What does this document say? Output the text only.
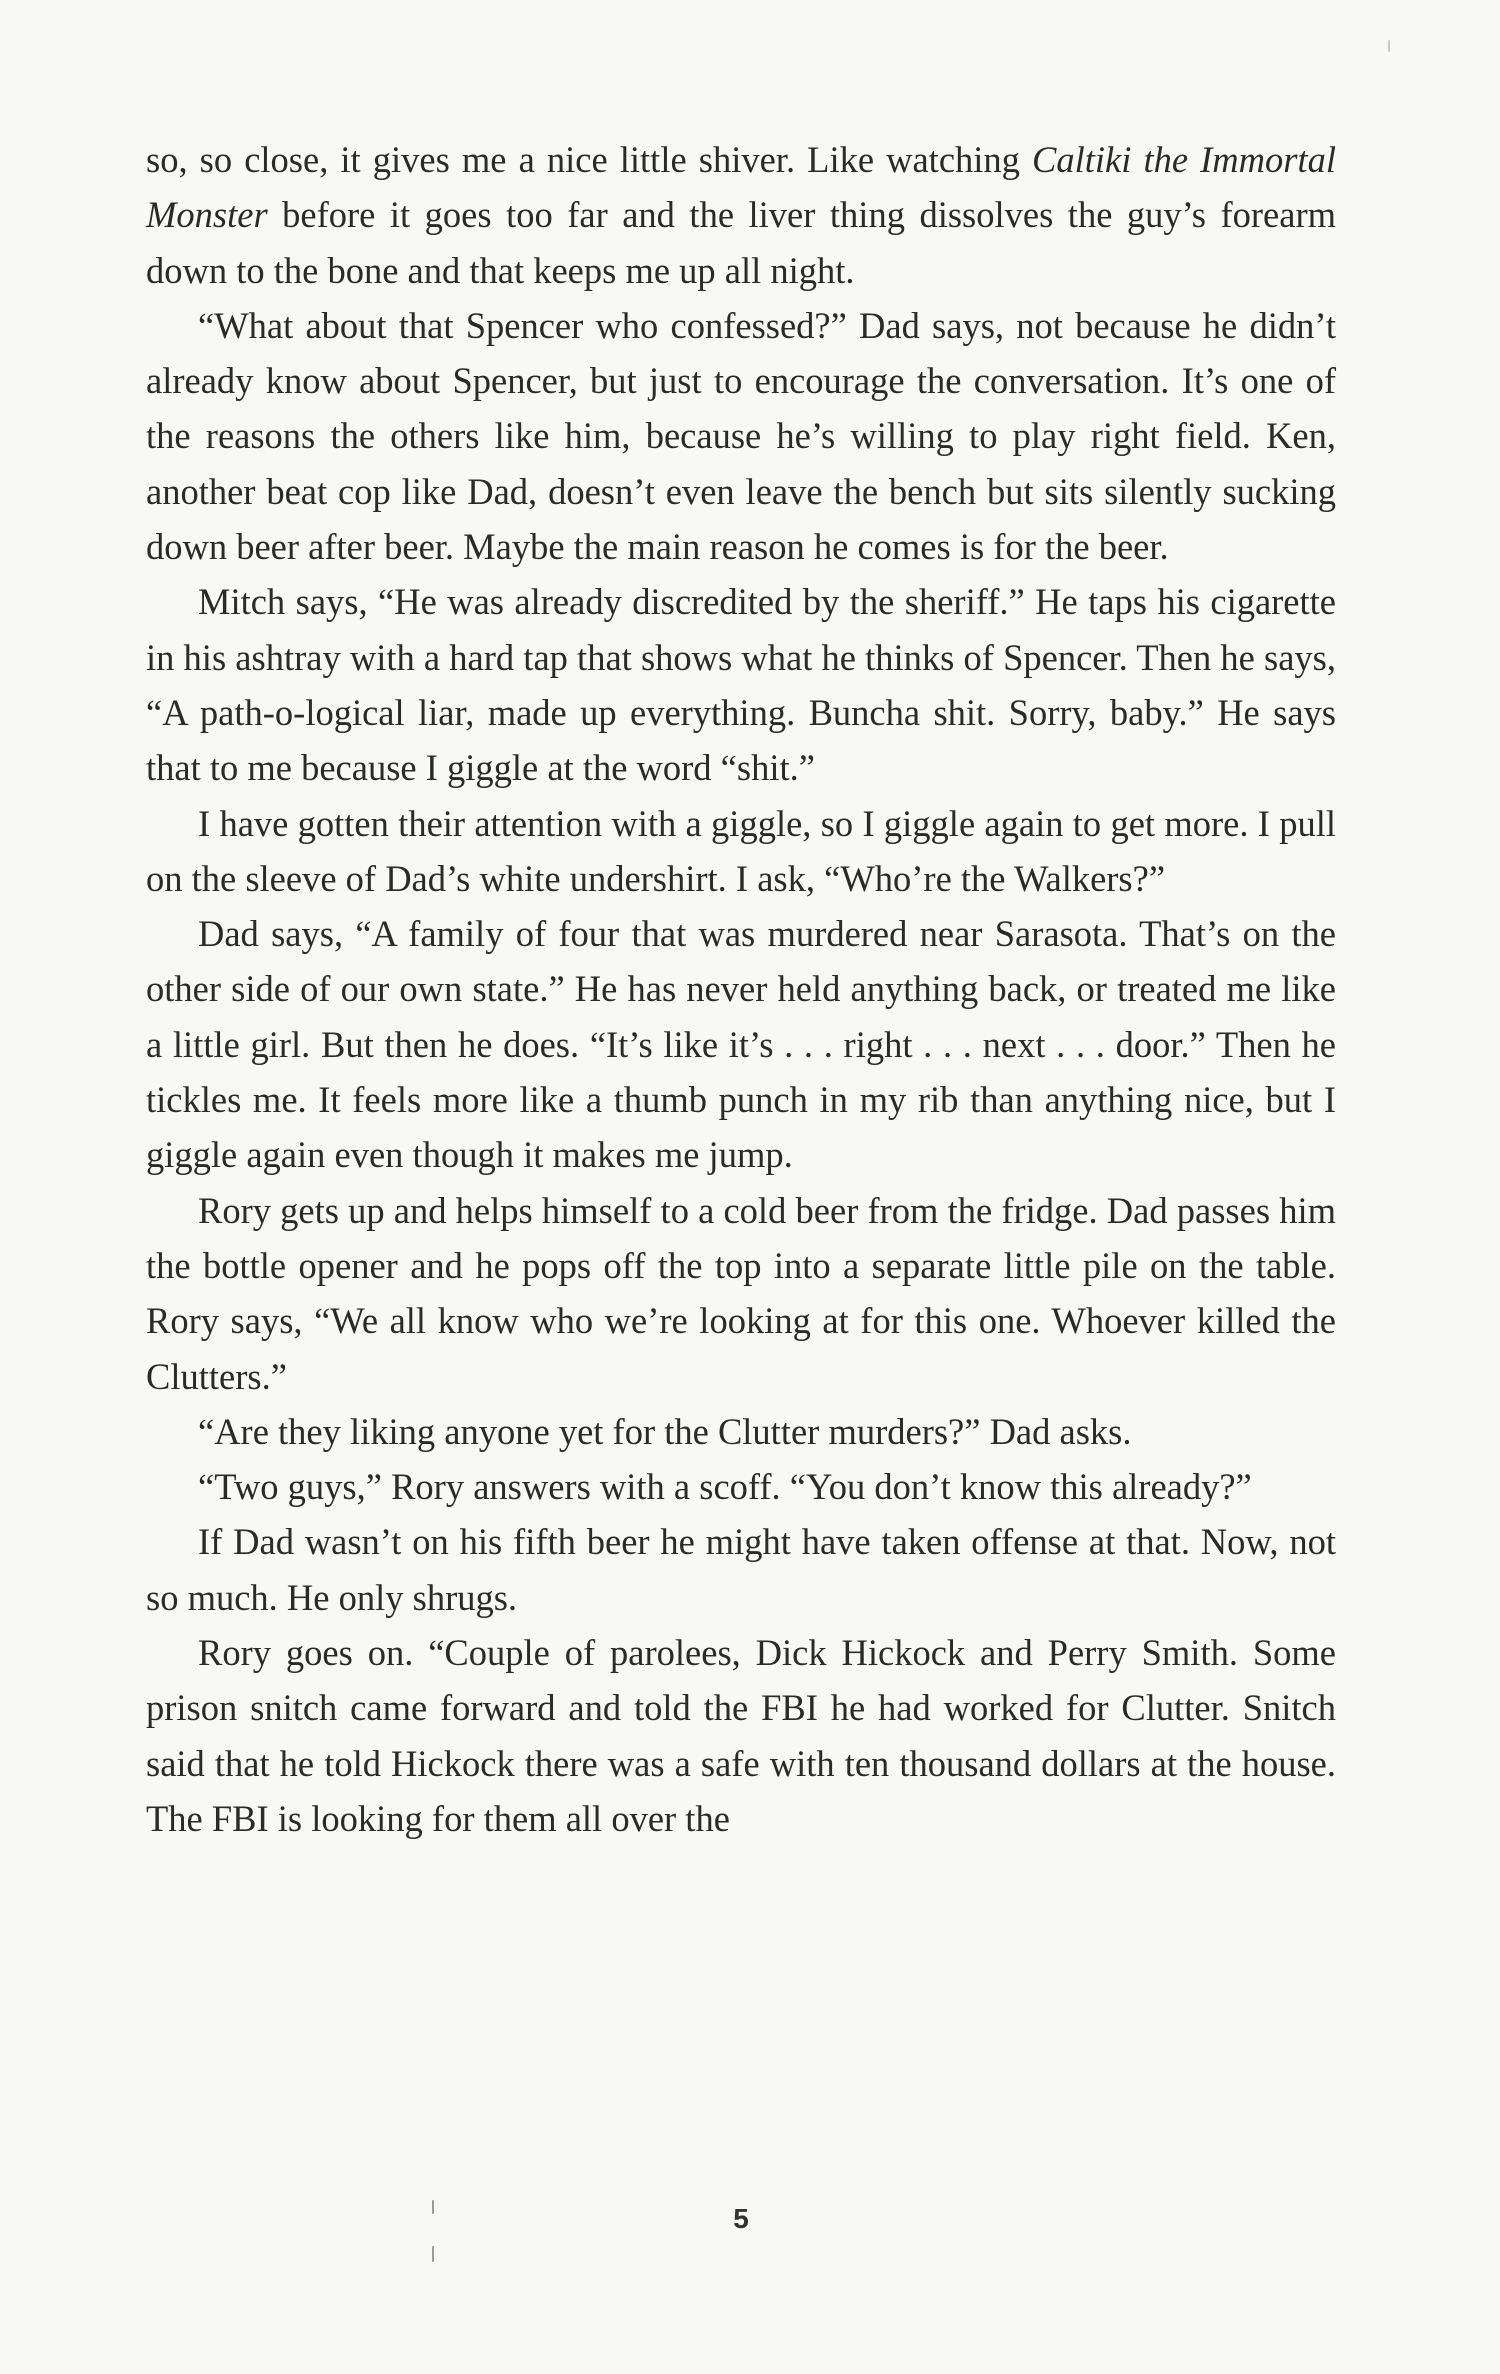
so, so close, it gives me a nice little shiver. Like watching Caltiki the Immortal Monster before it goes too far and the liver thing dissolves the guy’s forearm down to the bone and that keeps me up all night.

“What about that Spencer who confessed?” Dad says, not because he didn’t already know about Spencer, but just to encourage the conversation. It’s one of the reasons the others like him, because he’s willing to play right field. Ken, another beat cop like Dad, doesn’t even leave the bench but sits silently sucking down beer after beer. Maybe the main reason he comes is for the beer.

Mitch says, “He was already discredited by the sheriff.” He taps his cigarette in his ashtray with a hard tap that shows what he thinks of Spencer. Then he says, “A path-o-logical liar, made up everything. Buncha shit. Sorry, baby.” He says that to me because I giggle at the word “shit.”

I have gotten their attention with a giggle, so I giggle again to get more. I pull on the sleeve of Dad’s white undershirt. I ask, “Who’re the Walkers?”

Dad says, “A family of four that was murdered near Sarasota. That’s on the other side of our own state.” He has never held anything back, or treated me like a little girl. But then he does. “It’s like it’s . . . right . . . next . . . door.” Then he tickles me. It feels more like a thumb punch in my rib than anything nice, but I giggle again even though it makes me jump.

Rory gets up and helps himself to a cold beer from the fridge. Dad passes him the bottle opener and he pops off the top into a separate little pile on the table. Rory says, “We all know who we’re looking at for this one. Whoever killed the Clutters.”

“Are they liking anyone yet for the Clutter murders?” Dad asks.

“Two guys,” Rory answers with a scoff. “You don’t know this already?”

If Dad wasn’t on his fifth beer he might have taken offense at that. Now, not so much. He only shrugs.

Rory goes on. “Couple of parolees, Dick Hickock and Perry Smith. Some prison snitch came forward and told the FBI he had worked for Clutter. Snitch said that he told Hickock there was a safe with ten thousand dollars at the house. The FBI is looking for them all over the

5
